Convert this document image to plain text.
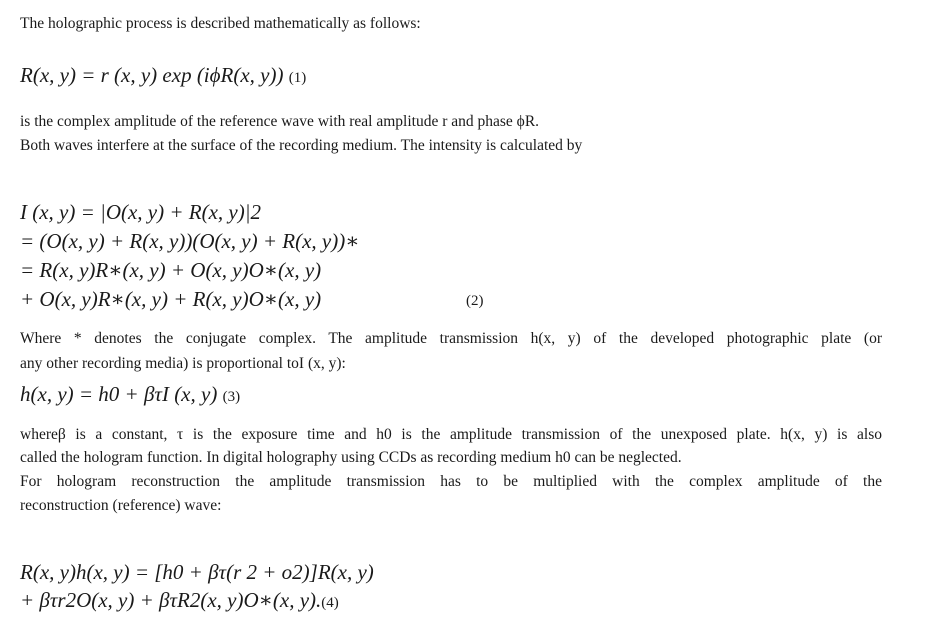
The holographic process is described mathematically as follows:

R(x, y) = r (x, y) exp (iϕR(x, y)) (1)

is the complex amplitude of the reference wave with real amplitude r and phase ϕR.

Both waves interfere at the surface of the recording medium. The intensity is calculated by

I (x, y) = |O(x, y) + R(x, y)|2

= (O(x, y) + R(x, y))(O(x, y) + R(x, y))∗

= R(x, y)R∗(x, y) + O(x, y)O∗(x, y)

+ O(x, y)R∗(x, y) + R(x, y)O∗(x, y)	(2)

Where * denotes the conjugate complex. The amplitude transmission h(x, y) of the developed photographic plate (or

any other recording media) is proportional toI (x, y):

h(x, y) = h0 + βτI (x, y) (3)

whereβ is a constant, τ is the exposure time and h0 is the amplitude transmission of the unexposed plate. h(x, y) is also

called the hologram function. In digital holography using CCDs as recording medium h0 can be neglected.

For hologram reconstruction the amplitude transmission has to be multiplied with the complex amplitude of the

reconstruction (reference) wave:

R(x, y)h(x, y) = [h0 + βτ(r 2 + o2)]R(x, y)

+ βτr2O(x, y) + βτR2(x, y)O∗(x, y).(4)
